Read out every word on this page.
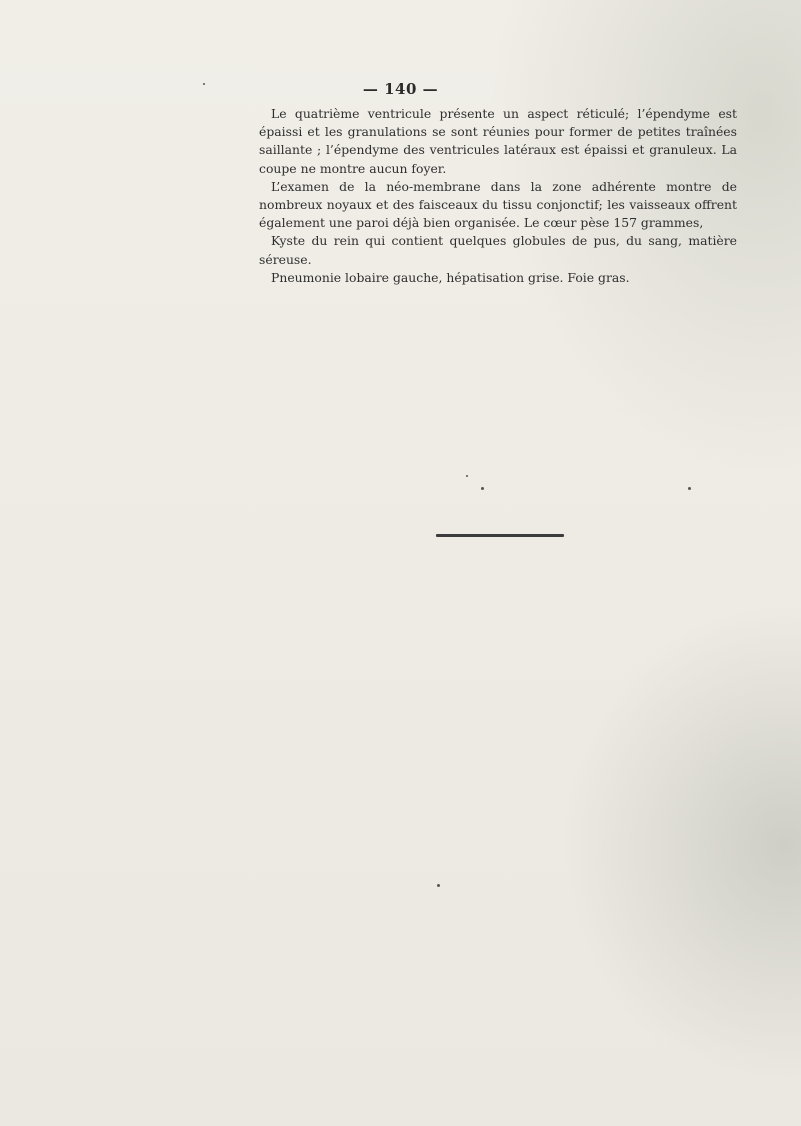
— 140 —

Le quatrième ventricule présente un aspect réticulé; l’épendyme est épaissi et les granulations se sont réunies pour former de petites traînées saillante ; l’épendyme des ventricules latéraux est épaissi et granuleux. La coupe ne montre aucun foyer.

L’examen de la néo-membrane dans la zone adhérente montre de nombreux noyaux et des faisceaux du tissu conjonctif; les vaisseaux offrent également une paroi déjà bien organisée. Le cœur pèse 157 grammes,

Kyste du rein qui contient quelques globules de pus, du sang, matière séreuse.

Pneumonie lobaire gauche, hépatisation grise. Foie gras.
